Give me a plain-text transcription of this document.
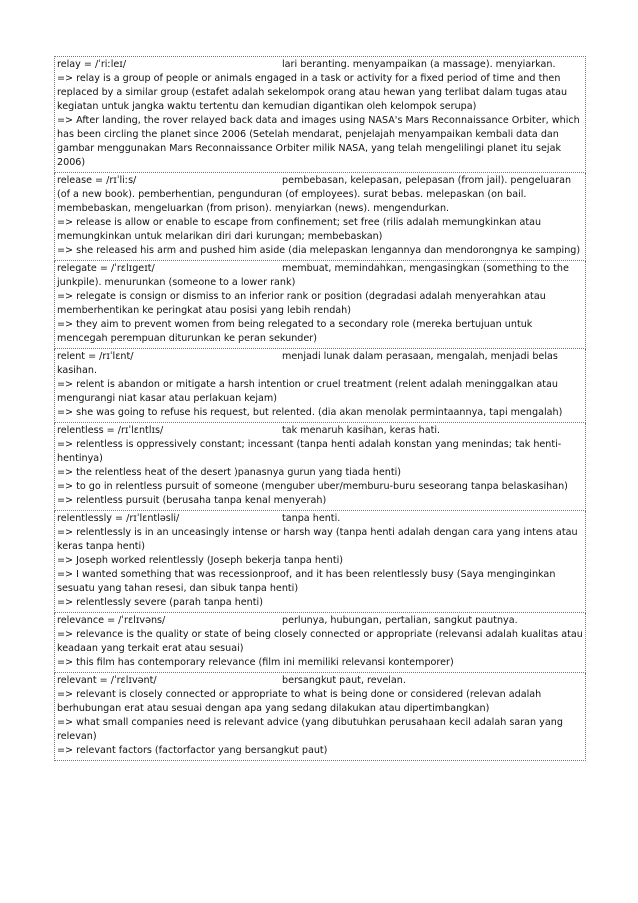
relay = /ˈriːleɪ/	lari beranting. menyampaikan (a massage). menyiarkan.
=> relay is a group of people or animals engaged in a task or activity for a fixed period of time and then replaced by a similar group (estafet adalah sekelompok orang atau hewan yang terlibat dalam tugas atau kegiatan untuk jangka waktu tertentu dan kemudian digantikan oleh kelompok serupa)
=> After landing, the rover relayed back data and images using NASA's Mars Reconnaissance Orbiter, which has been circling the planet since 2006 (Setelah mendarat, penjelajah menyampaikan kembali data dan gambar menggunakan Mars Reconnaissance Orbiter milik NASA, yang telah mengelilingi planet itu sejak 2006)
release = /rɪˈliːs/	pembebasan, kelepasan, pelepasan (from jail). pengeluaran (of a new book). pemberhentian, pengunduran (of employees). surat bebas. melepaskan (on bail. membebaskan, mengeluarkan (from prison). menyiarkan (news). mengendurkan.
=> release is allow or enable to escape from confinement; set free (rilis adalah memungkinkan atau memungkinkan untuk melarikan diri dari kurungan; membebaskan)
=> she released his arm and pushed him aside (dia melepaskan lengannya dan mendorongnya ke samping)
relegate = /ˈrɛlɪgeɪt/	membuat, memindahkan, mengasingkan (something to the junkpile). menurunkan (someone to a lower rank)
=> relegate is consign or dismiss to an inferior rank or position (degradasi adalah menyerahkan atau memberhentikan ke peringkat atau posisi yang lebih rendah)
=> they aim to prevent women from being relegated to a secondary role (mereka bertujuan untuk mencegah perempuan diturunkan ke peran sekunder)
relent = /rɪˈlɛnt/	menjadi lunak dalam perasaan, mengalah, menjadi belas kasihan.
=> relent is abandon or mitigate a harsh intention or cruel treatment (relent adalah meninggalkan atau mengurangi niat kasar atau perlakuan kejam)
=> she was going to refuse his request, but relented. (dia akan menolak permintaannya, tapi mengalah)
relentless = /rɪˈlɛntlɪs/	tak menaruh kasihan, keras hati.
=> relentless is oppressively constant; incessant (tanpa henti adalah konstan yang menindas; tak henti-hentinya)
=> the relentless heat of the desert )panasnya gurun yang tiada henti)
=> to go in relentless pursuit of someone (menguber uber/memburu-buru seseorang tanpa belaskasihan)
=> relentless pursuit (berusaha tanpa kenal menyerah)
relentlessly = /rɪˈlɛntləsli/	tanpa henti.
=> relentlessly is in an unceasingly intense or harsh way (tanpa henti adalah dengan cara yang intens atau keras tanpa henti)
=> Joseph worked relentlessly (Joseph bekerja tanpa henti)
=> I wanted something that was recessionproof, and it has been relentlessly busy (Saya menginginkan sesuatu yang tahan resesi, dan sibuk tanpa henti)
=> relentlessly severe (parah tanpa henti)
relevance = /ˈrɛlɪvəns/	perlunya, hubungan, pertalian, sangkut pautnya.
=> relevance is the quality or state of being closely connected or appropriate (relevansi adalah kualitas atau keadaan yang terkait erat atau sesuai)
=> this film has contemporary relevance (film ini memiliki relevansi kontemporer)
relevant = /ˈrɛlɪvənt/	bersangkut paut, revelan.
=> relevant is closely connected or appropriate to what is being done or considered (relevan adalah berhubungan erat atau sesuai dengan apa yang sedang dilakukan atau dipertimbangkan)
=> what small companies need is relevant advice (yang dibutuhkan perusahaan kecil adalah saran yang relevan)
=> relevant factors (factorfactor yang bersangkut paut)
